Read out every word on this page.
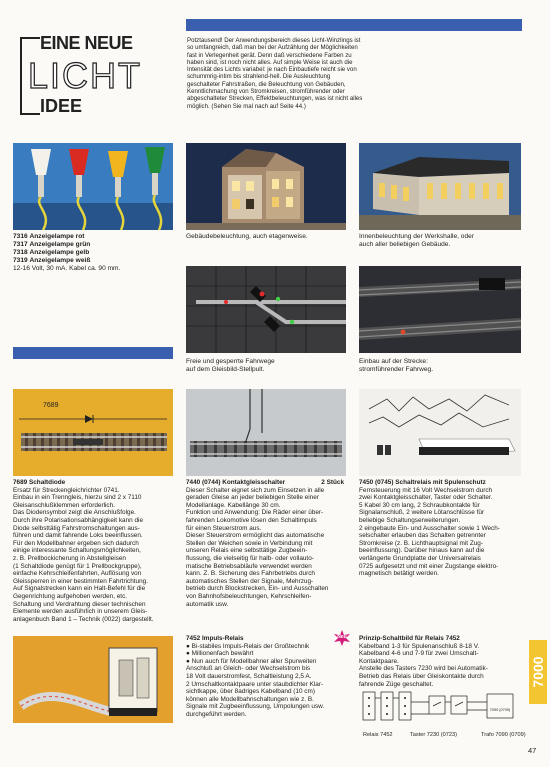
EINE NEUE
LICHT
IDEE
Potztausend! Der Anwendungsbereich dieses Licht-Winzlings ist so umfangreich, daß man bei der Aufzählung der Möglichkeiten fast in Verlegenheit gerät. Denn daß verschiedene Farben zu haben sind, ist noch nicht alles. Auf simple Weise ist auch die Intensität des Lichts variabel: je nach Einbautiefe reicht sie von schummrig-intim bis strahlend-hell. Die Ausleuchtung geschalteter Fahrstraßen, die Beleuchtung von Gebäuden, Kenntlichmachung von Stromkreisen, stromführender oder abgeschalteter Strecken, Effektbeleuchtungen, was ist nicht alles möglich. (Sehen Sie mal nach auf Seite 44.)
7316 Anzeigelampe rot
7317 Anzeigelampe grün
7318 Anzeigelampe gelb
7319 Anzeigelampe weiß
12-16 Volt, 30 mA. Kabel ca. 90 mm.
Gebäudebeleuchtung, auch etagenweise.	Innenbeleuchtung der Werkshalle, oder
auch aller beliebigen Gebäude.
Freie und gesperrte Fahrwege
auf dem Gleisbild-Stellpult.
Einbau auf der Strecke:
stromführender Fahrweg.
7689
7689 Schaltdiode
Ersatz für Streckengleichrichter 0741.
Einbau in ein Trenngleis, hierzu sind 2 x 7110
Gleisanschlußklemmen erforderlich.
Das Diodensymbol zeigt die Anschlußfolge.
Durch ihre Polarisationsabhängigkeit kann die
Diode selbsttätig Fahrstromschaltungen aus-
führen und damit fahrende Loks beeinflussen.
Für den Modellbahner ergeben sich dadurch
einige interessante Schaltungsmöglichkeiten,
z. B. Prellbockicherung in Abstellgleisen
(1 Schaltdiode genügt für 1 Prellbockgruppe),
einfache Kehrschleifenfahrten, Auflösung von
Gleissperren in einer bestimmten Fahrtrichtung.
Auf Signalstrecken kann ein Halt-Befehl für die
Gegenrichtung aufgehoben werden, etc.
Schaltung und Verdrahtung dieser technischen
Elemente werden ausführlich in unserem Gleis-
anlagenbuch Band 1 – Technik (0022) dargestellt.
7440 (0744) Kontaktgleisschalter	2 Stück
Dieser Schalter eignet sich zum Einsetzen in alle
geraden Gleise an jeder beliebigen Stelle einer
Modellanlage. Kabellänge 30 cm.
Funktion und Anwendung: Die Räder einer über-
fahrenden Lokomotive lösen den Schaltimpuls
für einen Steuerstrom aus.
Dieser Steuerstrom ermöglicht das automatische
Stellen der Weichen sowie in Verbindung mit
unseren Relais eine selbsttätige Zugbeein-
flussung, die vielseitig für halb- oder vollauto-
matische Betriebsabläufe verwendet werden
kann. Z. B. Sicherung des Fahrbetriebs durch
automatisches Stellen der Signale, Mehrzug-
betrieb durch Blockstrecken, Ein- und Ausschalten
von Bahnhofsbeleuchtungen, Kehrschleifen-
automatik usw.
7450 (0745) Schaltrelais mit Spulenschutz
Fernsteuerung mit 16 Volt Wechselstrom durch
zwei Kontaktgleisschalter, Taster oder Schalter.
5 Kabel 30 cm lang, 2 Schraubkontakte für
Signalanschluß, 2 weitere Lötanschlüsse für
beliebige Schaltungserweiterungen.
2 eingebaute Ein- und Ausschalter sowie 1 Wech-
selschalter erlauben das Schalten getrennter
Stromkreise (z. B. Lichthauptsignal mit Zug-
beeinflussung). Darüber hinaus kann auf die
verlängerte Grundplatte der Universalrelais
0725 aufgesetzt und mit einer Zugstange elektro-
magnetisch betätigt werden.
7452 Impuls-Relais
● Bi-stabiles Impuls-Relais der Großtechnik
● Millionenfach bewährt
● Nun auch für Modellbahner aller Spurweiten
Anschluß an Gleich- oder Wechselstrom bis
18 Volt dauerstromfest, Schaltleistung 2,5 A.
2 Umschaltkontaktpaare unter staubdichter Klar-
sichtkappe, über 8adriges Kabelband (10 cm)
können alle Modellbahnschaltungen wie z. B.
Signale mit Zugbeeinflussung, Umpolungen usw.
durchgeführt werden.
Neu	Prinzip-Schaltbild für Relais 7452
Kabelband 1-3 für Spulenanschluß 8-18 V.
Kabelband 4-6 und 7-9 für zwei Umschalt-
Kontaktpaare.
Anstelle des Tasters 7230 wird bei Automatik-
Betrieb das Relais über Gleiskontakte durch
fahrende Züge geschaltet.
7090 (0709)
Relais 7452	Taster 7230 (0723)	Trafo 7090 (0709)
7000
47
